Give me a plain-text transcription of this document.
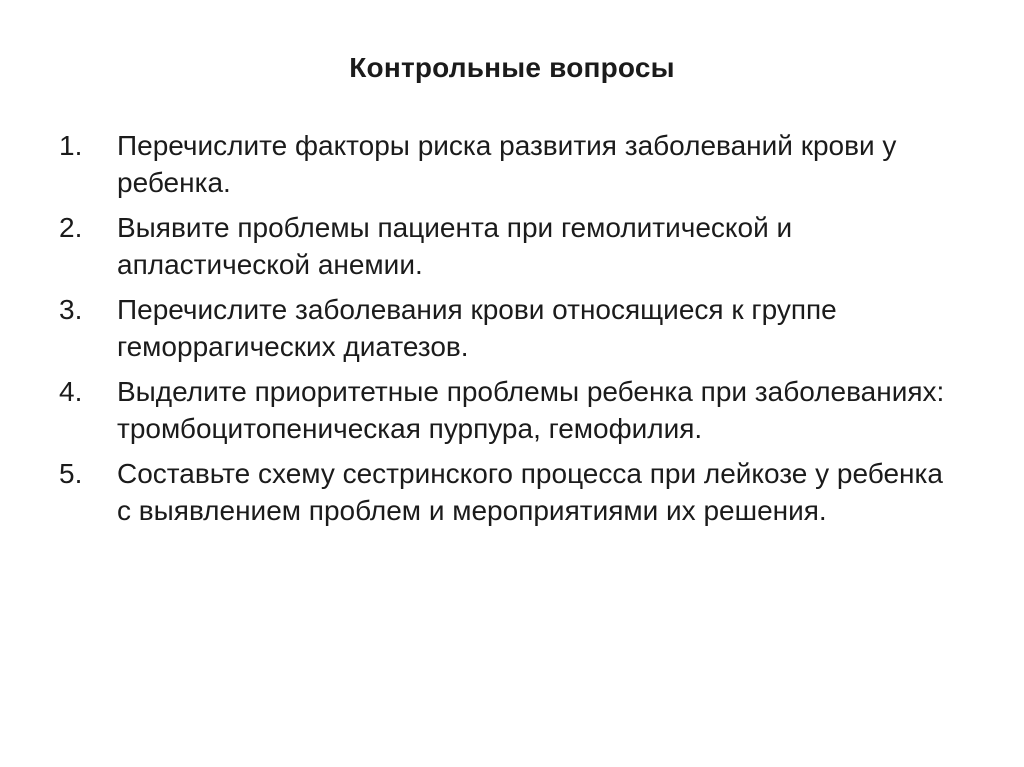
Контрольные вопросы
1. Перечислите факторы риска развития заболеваний крови у ребенка.
2. Выявите проблемы пациента при гемолитической и апластической анемии.
3. Перечислите заболевания крови относящиеся к группе геморрагических диатезов.
4. Выделите приоритетные проблемы ребенка при заболеваниях: тромбоцитопеническая пурпура, гемофилия.
5. Составьте схему сестринского процесса при лейкозе у ребенка с выявлением проблем и мероприятиями их решения.
